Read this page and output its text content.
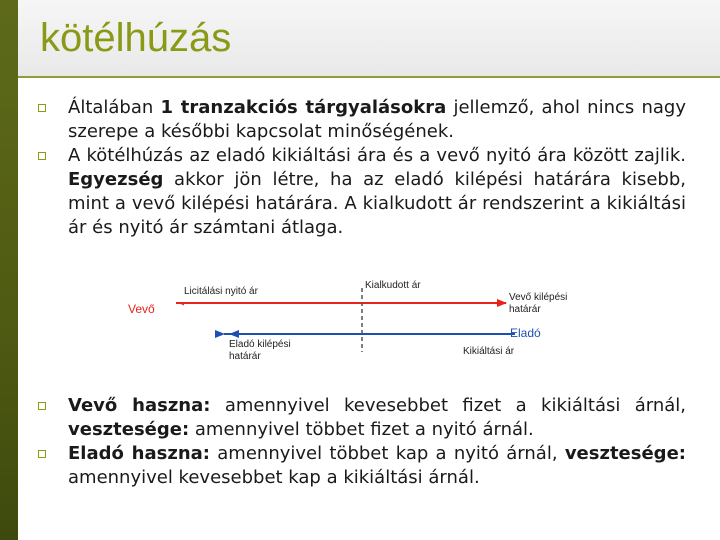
kötélhúzás
Általában 1 tranzakciós tárgyalásokra jellemző, ahol nincs nagy szerepe a későbbi kapcsolat minőségének.
A kötélhúzás az eladó kikiáltási ára és a vevő nyitó ára között zajlik. Egyezség akkor jön létre, ha az eladó kilépési határára kisebb, mint a vevő kilépési határára. A kialkudott ár rendszerint a kikiáltási ár és nyitó ár számtani átlaga.
Vevő
Licitálási nyitó ár
Kialkudott ár
Vevő kilépési
határár
Eladó
Eladó kilépési
határár	Kikiáltási ár
Vevő haszna: amennyivel kevesebbet fizet a kikiáltási árnál, vesztesége: amennyivel többet fizet a nyitó árnál.
Eladó haszna: amennyivel többet kap a nyitó árnál, vesztesége: amennyivel kevesebbet kap a kikiáltási árnál.
